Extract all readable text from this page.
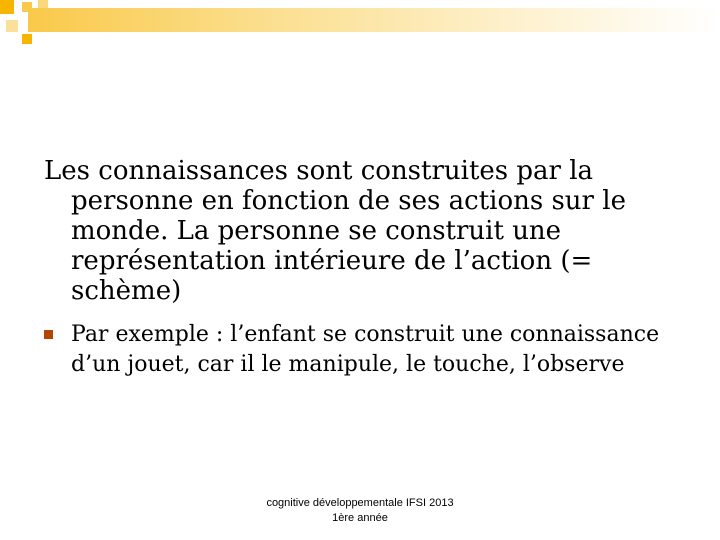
Les connaissances sont construites par la personne en fonction de ses actions sur le monde. La personne se construit une représentation intérieure de l’action (= schème)

Par exemple : l’enfant se construit une connaissance d’un jouet, car il le manipule, le touche, l’observe

cognitive développementale IFSI 2013
1ère année
